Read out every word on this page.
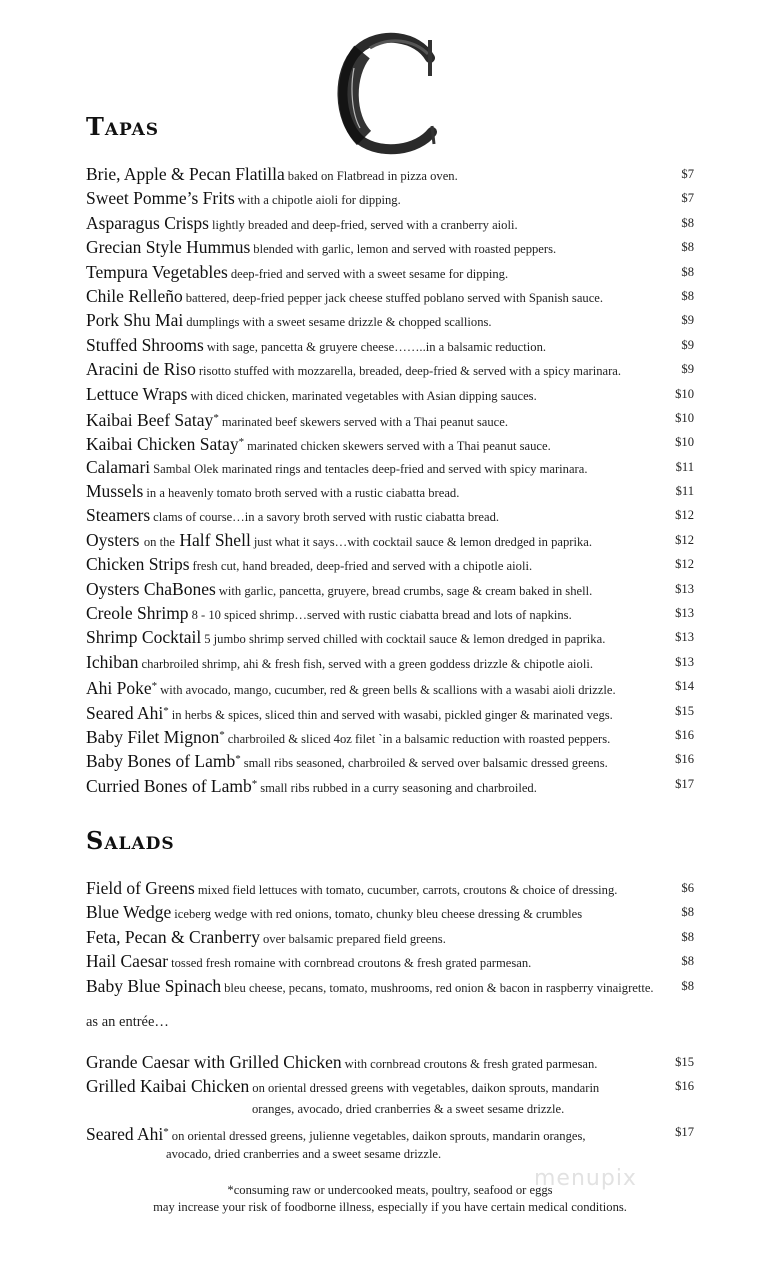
Tapas
Brie, Apple & Pecan Flatilla baked on Flatbread in pizza oven.	$7
Sweet Pomme’s Frits with a chipotle aioli for dipping.	$7
Asparagus Crisps lightly breaded and deep-fried, served with a cranberry aioli.	$8
Grecian Style Hummus blended with garlic, lemon and served with roasted peppers.	$8
Tempura Vegetables deep-fried and served with a sweet sesame for dipping.	$8
Chile Relleño battered, deep-fried pepper jack cheese stuffed poblano served with Spanish sauce.	$8
Pork Shu Mai dumplings with a sweet sesame drizzle & chopped scallions.	$9
Stuffed Shrooms with sage, pancetta & gruyere cheese……..in a balsamic reduction.	$9
Aracini de Riso risotto stuffed with mozzarella, breaded, deep-fried & served with a spicy marinara.	$9
Lettuce Wraps with diced chicken, marinated vegetables with Asian dipping sauces.	$10
Kaibai Beef Satay* marinated beef skewers served with a Thai peanut sauce.	$10
Kaibai Chicken Satay* marinated chicken skewers served with a Thai peanut sauce.	$10
Calamari Sambal Olek marinated rings and tentacles deep-fried and served with spicy marinara.	$11
Mussels in a heavenly tomato broth served with a rustic ciabatta bread.	$11
Steamers clams of course…in a savory broth served with rustic ciabatta bread.	$12
Oysters on the Half Shell just what it says…with cocktail sauce & lemon dredged in paprika.	$12
Chicken Strips fresh cut, hand breaded, deep-fried and served with a chipotle aioli.	$12
Oysters ChaBones with garlic, pancetta, gruyere, bread crumbs, sage & cream baked in shell.	$13
Creole Shrimp 8 - 10 spiced shrimp…served with rustic ciabatta bread and lots of napkins.	$13
Shrimp Cocktail 5 jumbo shrimp served chilled with cocktail sauce & lemon dredged in paprika.	$13
Ichiban charbroiled shrimp, ahi & fresh fish, served with a green goddess drizzle & chipotle aioli.	$13
Ahi Poke* with avocado, mango, cucumber, red & green bells & scallions with a wasabi aioli drizzle.	$14
Seared Ahi* in herbs & spices, sliced thin and served with wasabi, pickled ginger & marinated vegs.	$15
Baby Filet Mignon* charbroiled & sliced 4oz filet `in a balsamic reduction with roasted peppers.	$16
Baby Bones of Lamb* small ribs seasoned, charbroiled & served over balsamic dressed greens.	$16
Curried Bones of Lamb* small ribs rubbed in a curry seasoning and charbroiled.	$17
Salads
Field of Greens mixed field lettuces with tomato, cucumber, carrots, croutons & choice of dressing.	$6
Blue Wedge iceberg wedge with red onions, tomato, chunky bleu cheese dressing & crumbles	$8
Feta, Pecan & Cranberry over balsamic prepared field greens.	$8
Hail Caesar tossed fresh romaine with cornbread croutons & fresh grated parmesan.	$8
Baby Blue Spinach bleu cheese, pecans, tomato, mushrooms, red onion & bacon in raspberry vinaigrette. $8
as an entrée…
Grande Caesar with Grilled Chicken with cornbread croutons & fresh grated parmesan.	$15
Grilled Kaibai Chicken on oriental dressed greens with vegetables, daikon sprouts, mandarin	$16
oranges, avocado, dried cranberries & a sweet sesame drizzle.
Seared Ahi* on oriental dressed greens, julienne vegetables, daikon sprouts, mandarin oranges,	$17
avocado, dried cranberries and a sweet sesame drizzle.
menupix
*consuming raw or undercooked meats, poultry, seafood or eggs
may increase your risk of foodborne illness, especially if you have certain medical conditions.
